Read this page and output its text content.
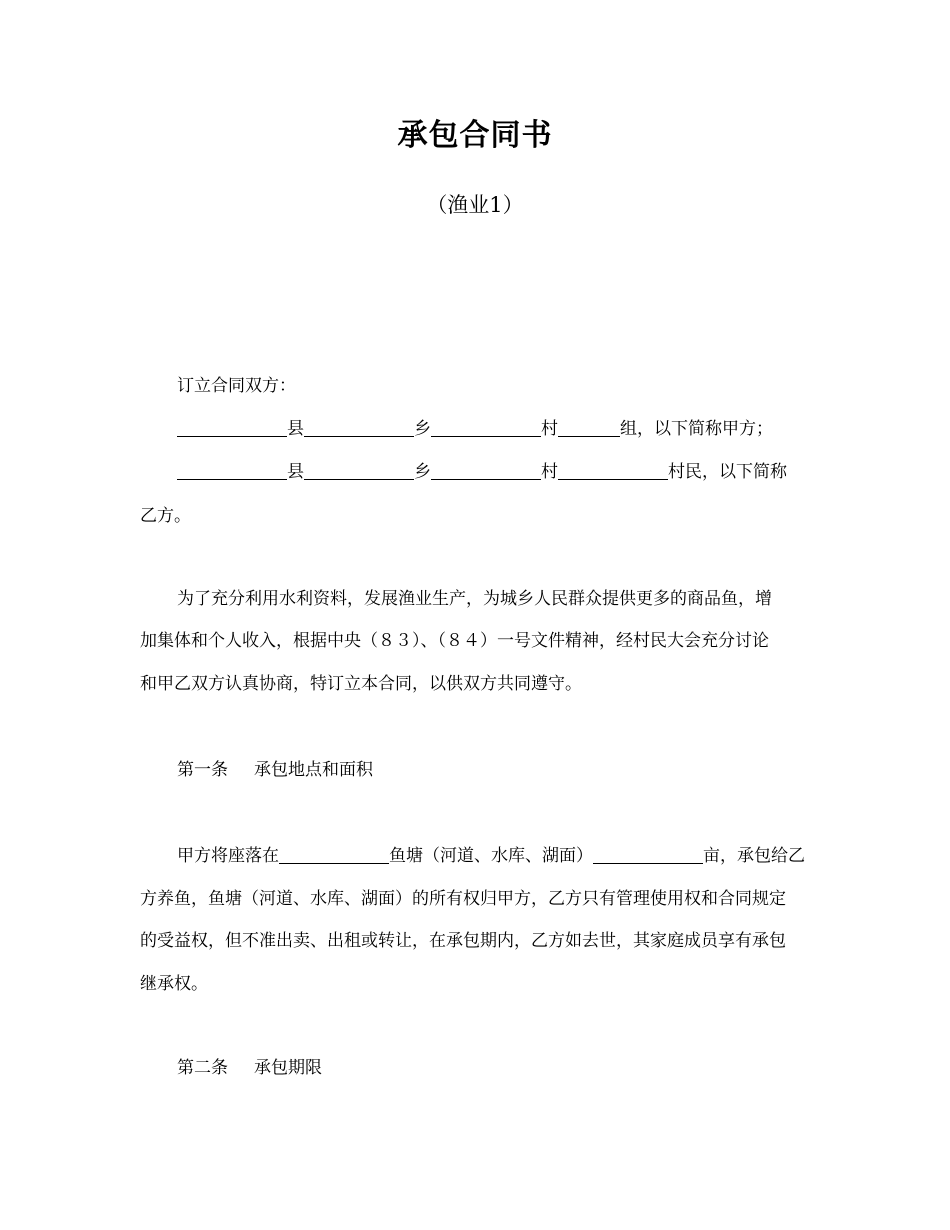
承包合同书
（渔业1）
订立合同双方：
县	乡	村	组，以下简称甲方；
县	乡	村	村民，以下简称
乙方。
为了充分利用水利资料，发展渔业生产，为城乡人民群众提供更多的商品鱼，增
加集体和个人收入，根据中央（８３）、（８４）一号文件精神，经村民大会充分讨论
和甲乙双方认真协商，特订立本合同，以供双方共同遵守。
第一条 承包地点和面积
甲方将座落在	鱼塘（河道、水库、湖面）	亩，承包给乙
方养鱼，鱼塘（河道、水库、湖面）的所有权归甲方，乙方只有管理使用权和合同规定
的受益权，但不准出卖、出租或转让，在承包期内，乙方如去世，其家庭成员享有承包
继承权。
第二条 承包期限
